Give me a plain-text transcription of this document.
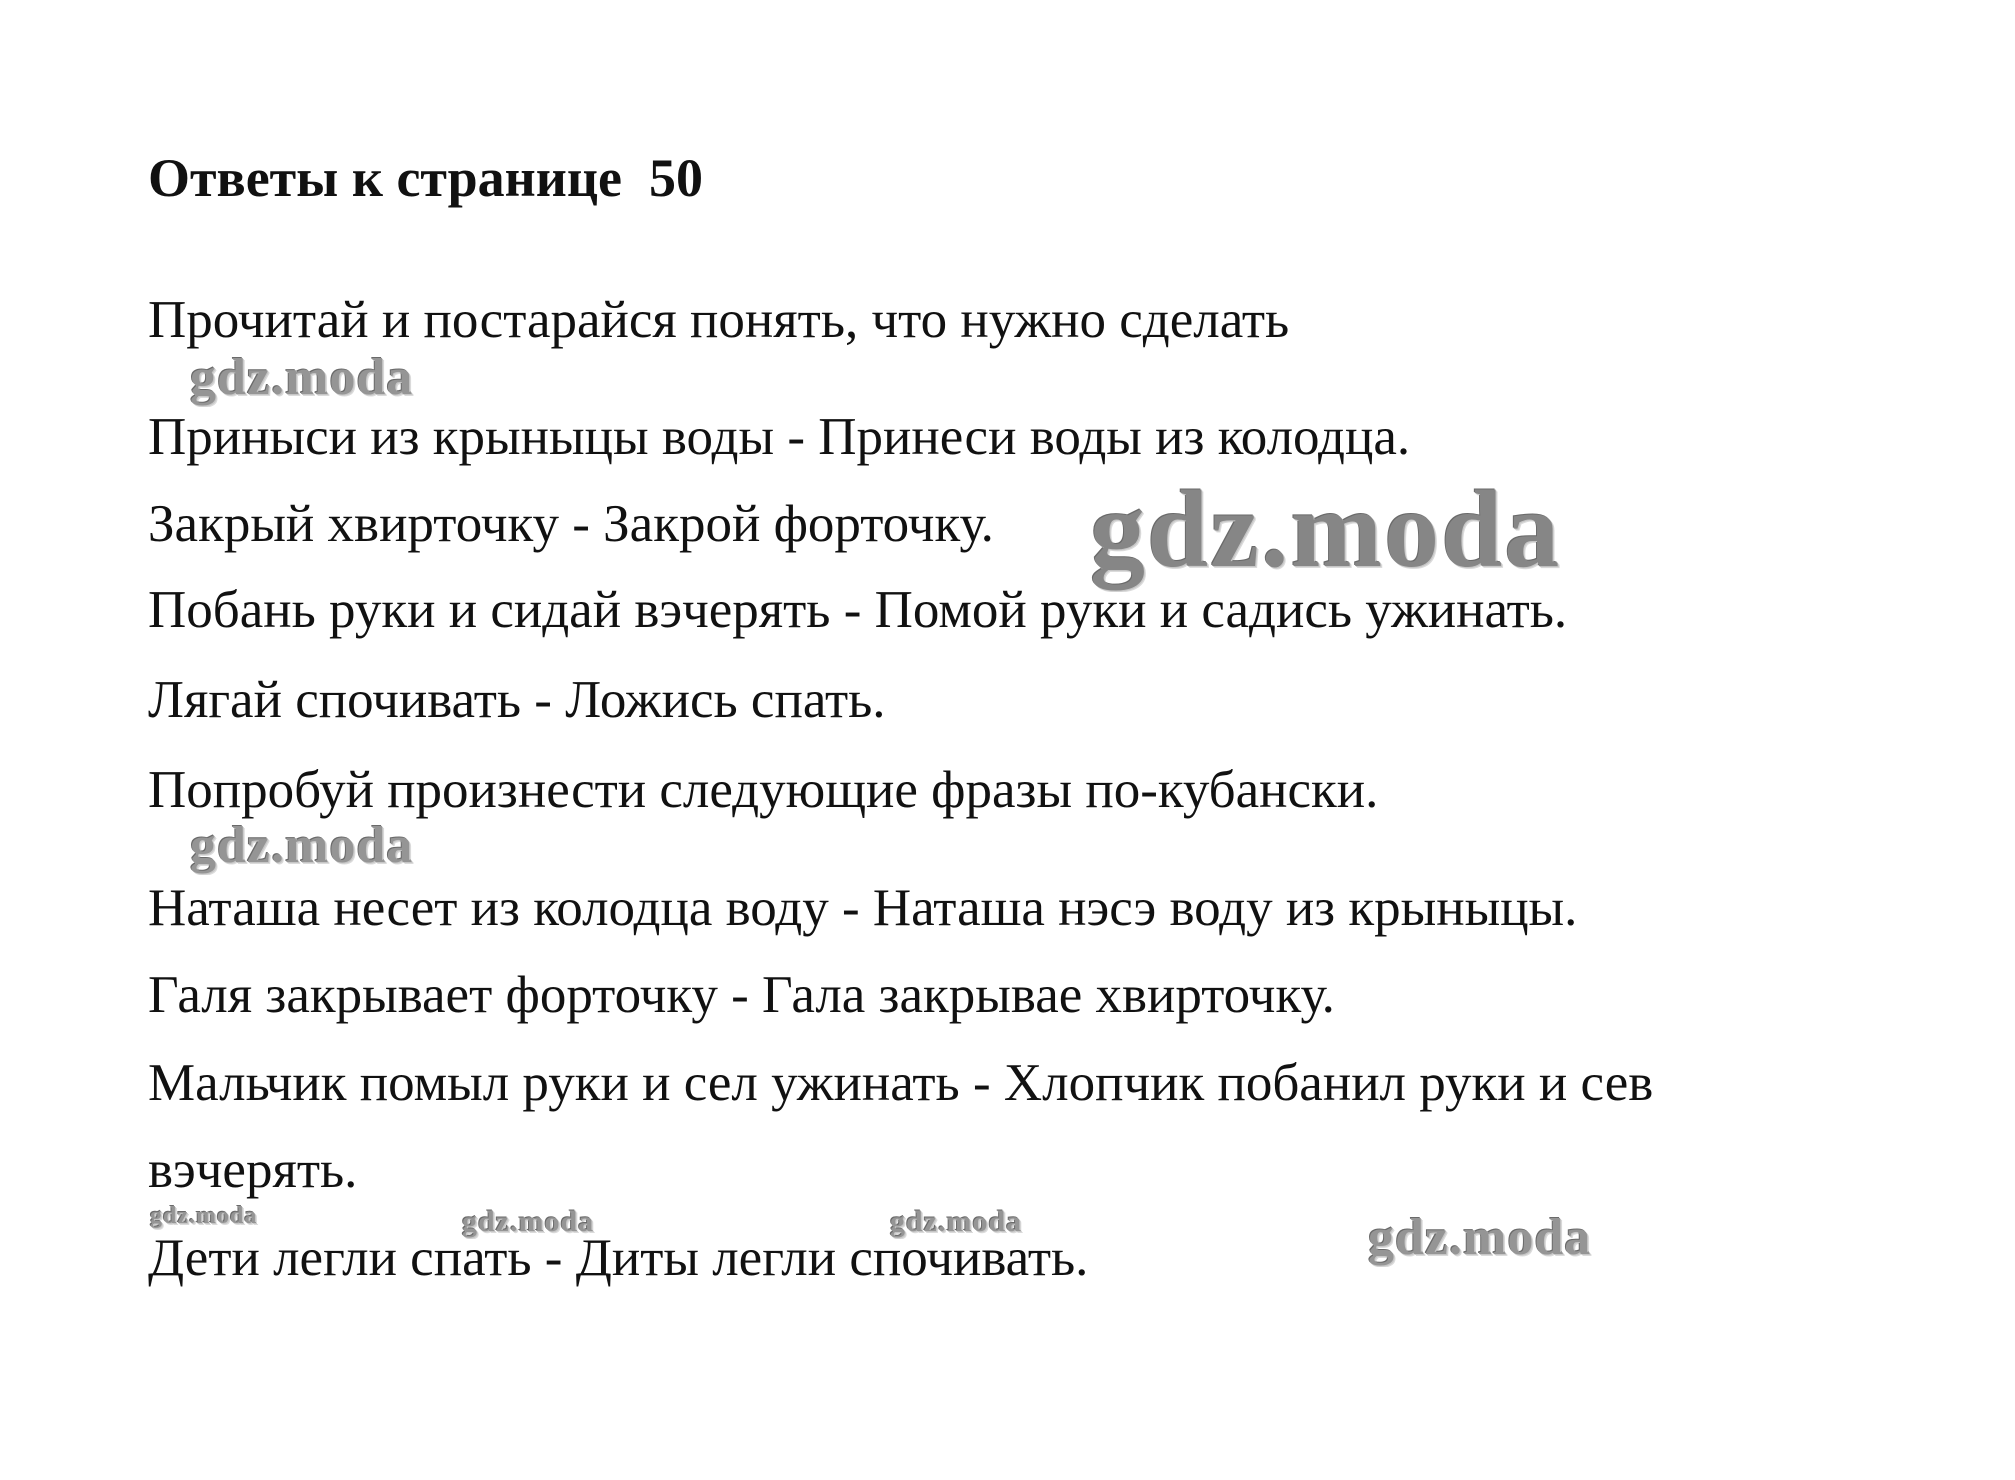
Ответы к странице  50

Прочитай и постарайся понять, что нужно сделать

Приныси из крыныцы воды - Принеси воды из колодца.

Закрый хвирточку - Закрой форточку.

Побань руки и сидай вэчерять - Помой руки и садись ужинать.

Лягай спочивать - Ложись спать.

Попробуй произнести следующие фразы по-кубански.

Наташа несет из колодца воду - Наташа нэсэ воду из крыныцы.

Галя закрывает форточку - Гала закрывае хвирточку.

Мальчик помыл руки и сел ужинать - Хлопчик побанил руки и сев

вэчерять.

Дети легли спать - Диты легли спочивать.

gdz.moda
gdz.moda
gdz.moda
gdz.moda	gdz.moda	gdz.moda	gdz.moda
